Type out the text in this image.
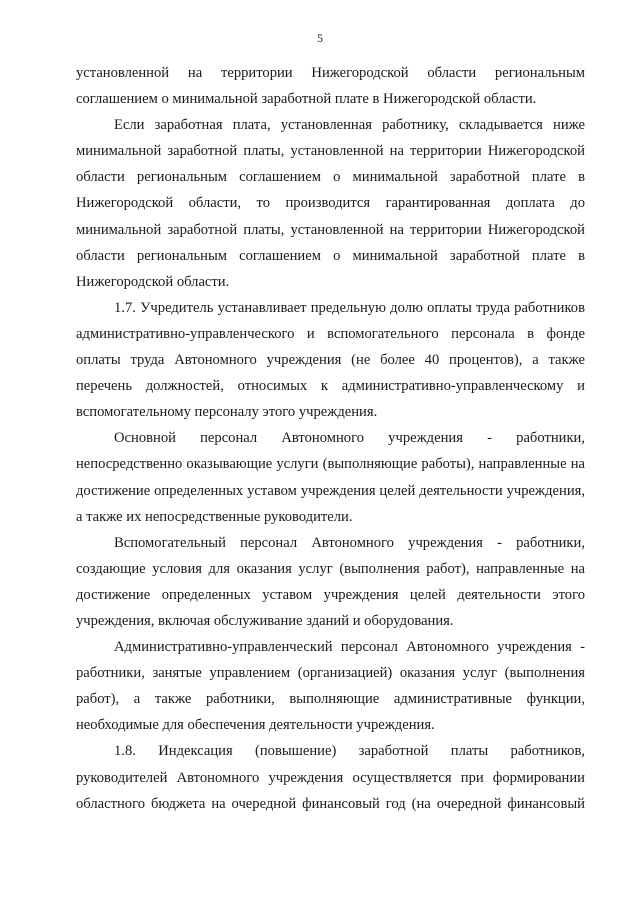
5

установленной на территории Нижегородской области региональным соглашением о минимальной заработной плате в Нижегородской области.

Если заработная плата, установленная работнику, складывается ниже минимальной заработной платы, установленной на территории Нижегородской области региональным соглашением о минимальной заработной плате в Нижегородской области, то производится гарантированная доплата до минимальной заработной платы, установленной на территории Нижегородской области региональным соглашением о минимальной заработной плате в Нижегородской области.

1.7. Учредитель устанавливает предельную долю оплаты труда работников административно-управленческого и вспомогательного персонала в фонде оплаты труда Автономного учреждения (не более 40 процентов), а также перечень должностей, относимых к административно-управленческому и вспомогательному персоналу этого учреждения.

Основной персонал Автономного учреждения - работники, непосредственно оказывающие услуги (выполняющие работы), направленные на достижение определенных уставом учреждения целей деятельности учреждения, а также их непосредственные руководители.

Вспомогательный персонал Автономного учреждения - работники, создающие условия для оказания услуг (выполнения работ), направленные на достижение определенных уставом учреждения целей деятельности этого учреждения, включая обслуживание зданий и оборудования.

Административно-управленческий персонал Автономного учреждения - работники, занятые управлением (организацией) оказания услуг (выполнения работ), а также работники, выполняющие административные функции, необходимые для обеспечения деятельности учреждения.

1.8. Индексация (повышение) заработной платы работников, руководителей Автономного учреждения осуществляется при формировании областного бюджета на очередной финансовый год (на очередной финансовый
